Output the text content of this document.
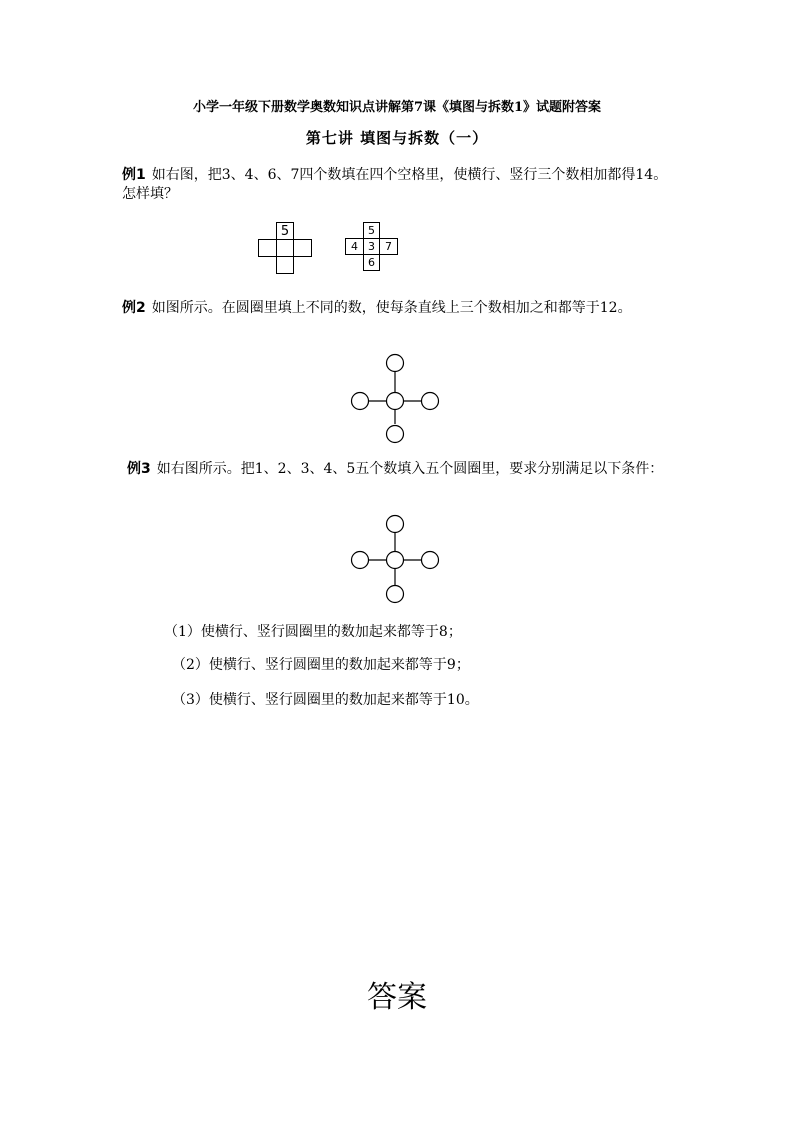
小学一年级下册数学奥数知识点讲解第7课《填图与拆数1》试题附答案
第七讲 填图与拆数（一）
例1 如右图，把3、4、6、7四个数填在四个空格里，使横行、竖行三个数相加都得14。怎样填？
5	5
4 3 7
6
例2 如图所示。在圆圈里填上不同的数，使每条直线上三个数相加之和都等于12。
例3 如右图所示。把1、2、3、4、5五个数填入五个圆圈里，要求分别满足以下条件：
（1）使横行、竖行圆圈里的数加起来都等于8；
（2）使横行、竖行圆圈里的数加起来都等于9；
（3）使横行、竖行圆圈里的数加起来都等于10。
答案
